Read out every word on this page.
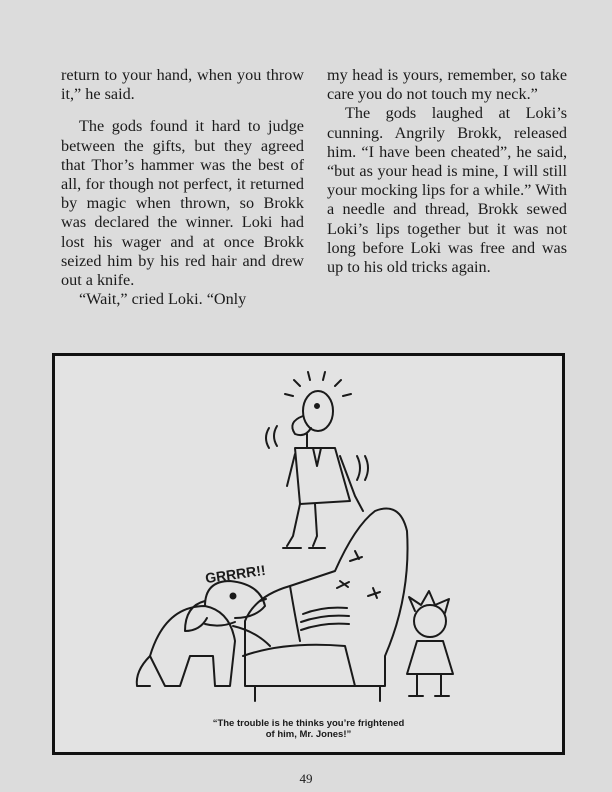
return to your hand, when you throw it,” he said.

The gods found it hard to judge between the gifts, but they agreed that Thor’s hammer was the best of all, for though not perfect, it returned by magic when thrown, so Brokk was declared the winner. Loki had lost his wager and at once Brokk seized him by his red hair and drew out a knife.

“Wait,” cried Loki. “Only

my head is yours, remember, so take care you do not touch my neck.”

The gods laughed at Loki’s cunning. Angrily Brokk, released him. “I have been cheated”, he said, “but as your head is mine, I will still your mocking lips for a while.” With a needle and thread, Brokk sewed Loki’s lips together but it was not long before Loki was free and was up to his old tricks again.

GRRRR!!
“The trouble is he thinks you’re frightened
of him, Mr. Jones!”
49
